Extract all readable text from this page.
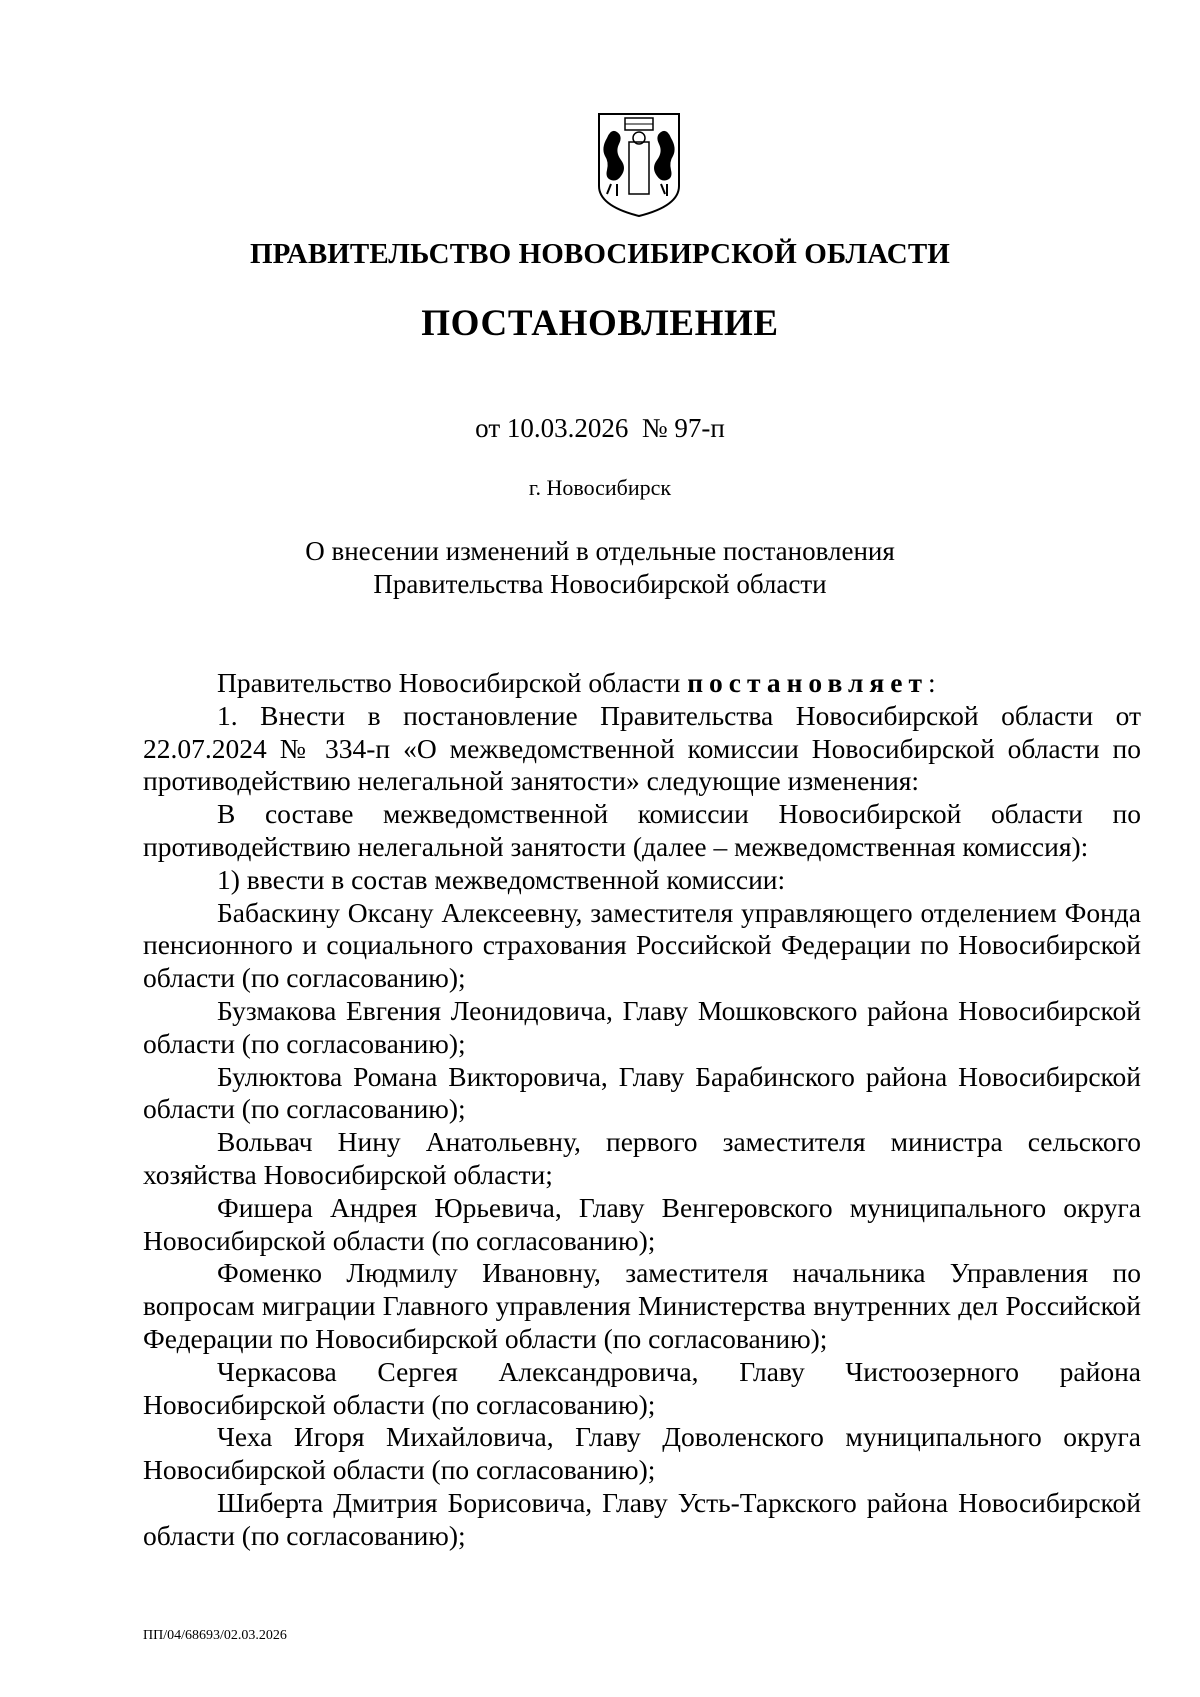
ПРАВИТЕЛЬСТВО НОВОСИБИРСКОЙ ОБЛАСТИ
ПОСТАНОВЛЕНИЕ
от 10.03.2026  № 97-п
г. Новосибирск
О внесении изменений в отдельные постановления
Правительства Новосибирской области

Правительство Новосибирской области постановляет:

1. Внести в постановление Правительства Новосибирской области от 22.07.2024 № 334-п «О межведомственной комиссии Новосибирской области по противодействию нелегальной занятости» следующие изменения:

В составе межведомственной комиссии Новосибирской области по противодействию нелегальной занятости (далее – межведомственная комиссия):

1) ввести в состав межведомственной комиссии:

Бабаскину Оксану Алексеевну, заместителя управляющего отделением Фонда пенсионного и социального страхования Российской Федерации по Новосибирской области (по согласованию);

Бузмакова Евгения Леонидовича, Главу Мошковского района Новосибирской области (по согласованию);

Булюктова Романа Викторовича, Главу Барабинского района Новосибирской области (по согласованию);

Вольвач Нину Анатольевну, первого заместителя министра сельского хозяйства Новосибирской области;

Фишера Андрея Юрьевича, Главу Венгеровского муниципального округа Новосибирской области (по согласованию);

Фоменко Людмилу Ивановну, заместителя начальника Управления по вопросам миграции Главного управления Министерства внутренних дел Российской Федерации по Новосибирской области (по согласованию);

Черкасова Сергея Александровича, Главу Чистоозерного района Новосибирской области (по согласованию);

Чеха Игоря Михайловича, Главу Доволенского муниципального округа Новосибирской области (по согласованию);

Шиберта Дмитрия Борисовича, Главу Усть-Таркского района Новосибирской области (по согласованию);

ПП/04/68693/02.03.2026
